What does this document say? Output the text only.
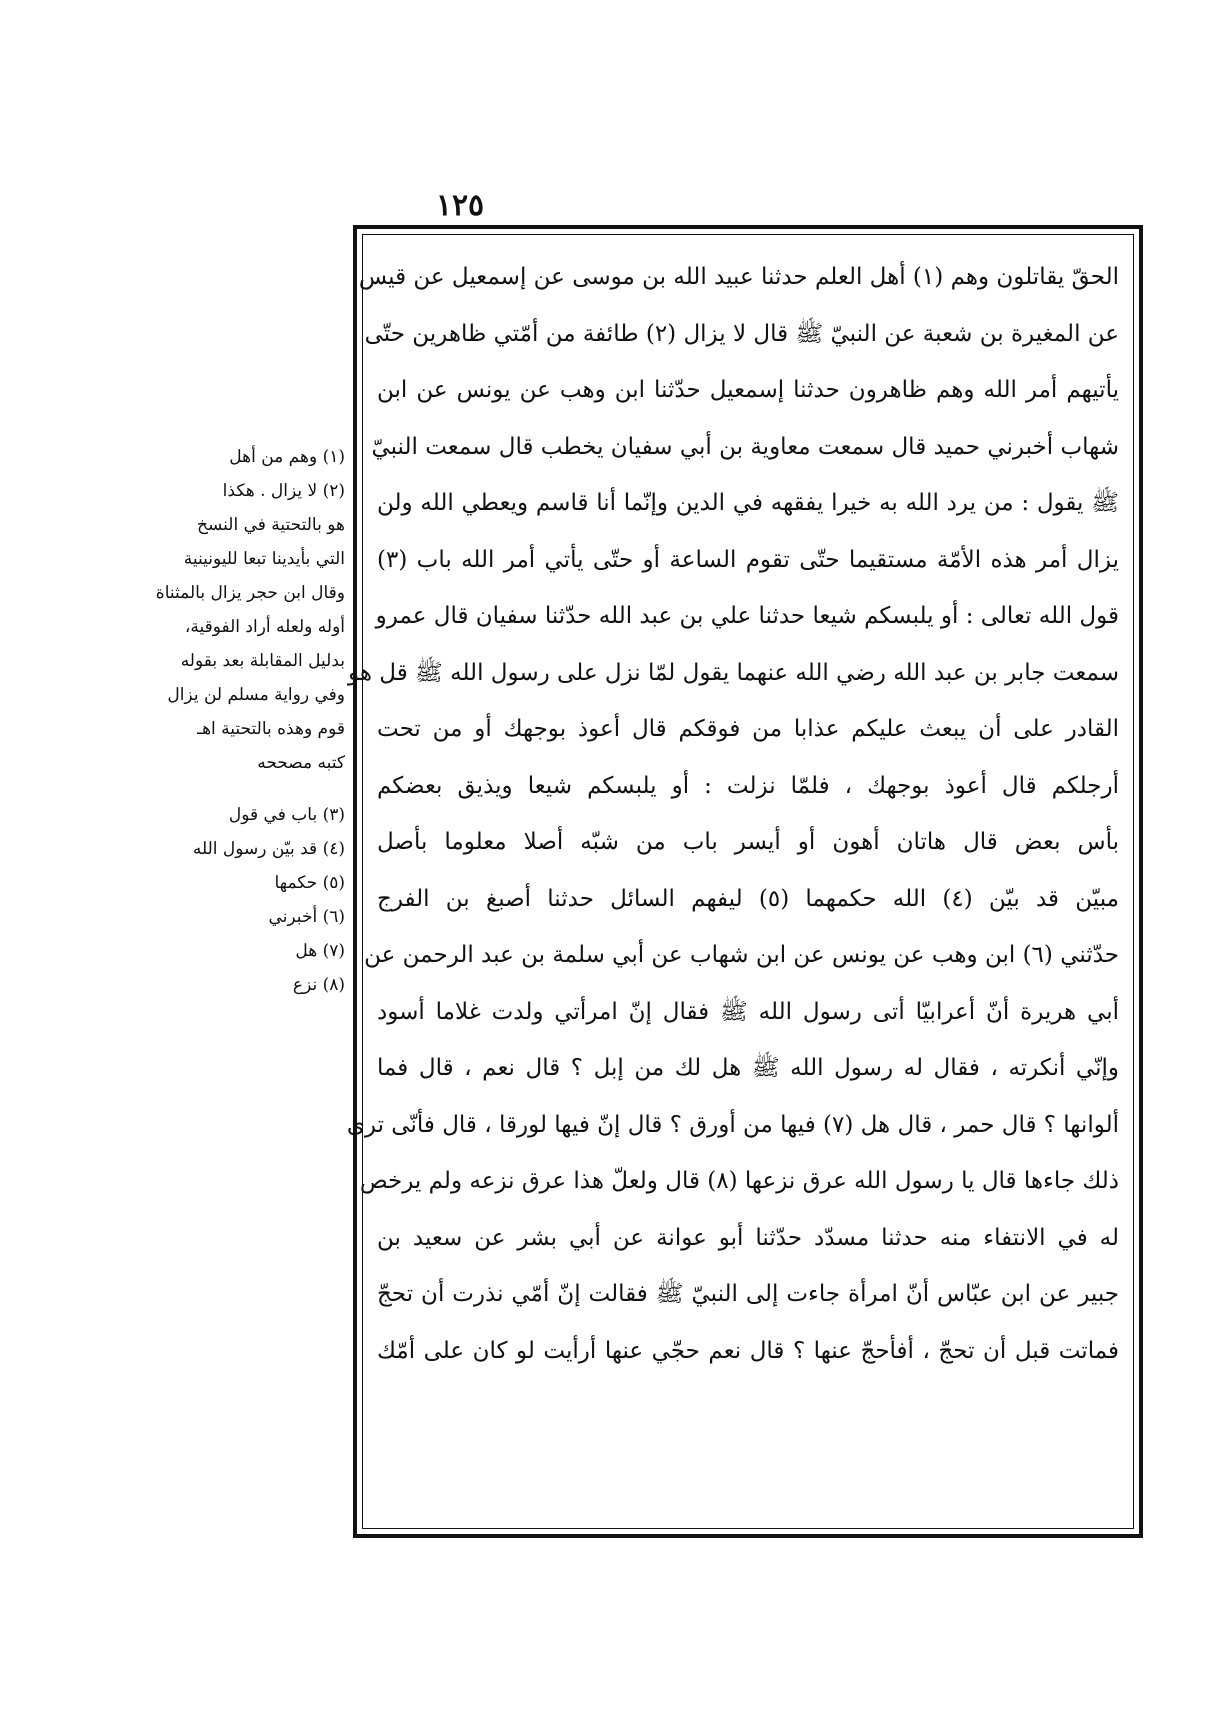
١٢٥
الحقّ يقاتلون وهم (١) أهل العلم حدثنا عبيد الله بن موسى عن إسمعيل عن قيس
عن المغيرة بن شعبة عن النبيّ ﷺ قال لا يزال (٢) طائفة من أمّتي ظاهرين حتّى
يأتيهم أمر الله وهم ظاهرون حدثنا إسمعيل حدّثنا ابن وهب عن يونس عن ابن
شهاب أخبرني حميد قال سمعت معاوية بن أبي سفيان يخطب قال سمعت النبيّ
ﷺ يقول : من يرد الله به خيرا يفقهه في الدين وإنّما أنا قاسم ويعطي الله ولن
يزال أمر هذه الأمّة مستقيما حتّى تقوم الساعة أو حتّى يأتي أمر الله باب (٣)
قول الله تعالى : أو يلبسكم شيعا حدثنا علي بن عبد الله حدّثنا سفيان قال عمرو
سمعت جابر بن عبد الله رضي الله عنهما يقول لمّا نزل على رسول الله ﷺ قل هو
القادر على أن يبعث عليكم عذابا من فوقكم قال أعوذ بوجهك أو من تحت
أرجلكم قال أعوذ بوجهك ، فلمّا نزلت : أو يلبسكم شيعا ويذيق بعضكم
بأس بعض قال هاتان أهون أو أيسر باب من شبّه أصلا معلوما بأصل
مبيّن قد بيّن (٤) الله حكمهما (٥) ليفهم السائل حدثنا أصبغ بن الفرج
حدّثني (٦) ابن وهب عن يونس عن ابن شهاب عن أبي سلمة بن عبد الرحمن عن
أبي هريرة أنّ أعرابيّا أتى رسول الله ﷺ فقال إنّ امرأتي ولدت غلاما أسود
وإنّي أنكرته ، فقال له رسول الله ﷺ هل لك من إبل ؟ قال نعم ، قال فما
ألوانها ؟ قال حمر ، قال هل (٧) فيها من أورق ؟ قال إنّ فيها لورقا ، قال فأنّى ترى
ذلك جاءها قال يا رسول الله عرق نزعها (٨) قال ولعلّ هذا عرق نزعه ولم يرخص
له في الانتفاء منه حدثنا مسدّد حدّثنا أبو عوانة عن أبي بشر عن سعيد بن
جبير عن ابن عبّاس أنّ امرأة جاءت إلى النبيّ ﷺ فقالت إنّ أمّي نذرت أن تحجّ
فماتت قبل أن تحجّ ، أفأحجّ عنها ؟ قال نعم حجّي عنها أرأيت لو كان على أمّك
(١) وهم من أهل
(٢) لا يزال . هكذا
هو بالتحتية في النسخ
التي بأيدينا تبعا لليونينية
وقال ابن حجر يزال بالمثناة
أوله ولعله أراد الفوقية،
بدليل المقابلة بعد بقوله
وفي رواية مسلم لن يزال
قوم وهذه بالتحتية اهـ
كتبه مصححه
(٣) باب في قول
(٤) قد بيّن رسول الله
(٥) حكمها
(٦) أخبرني
(٧) هل
(٨) نزع
